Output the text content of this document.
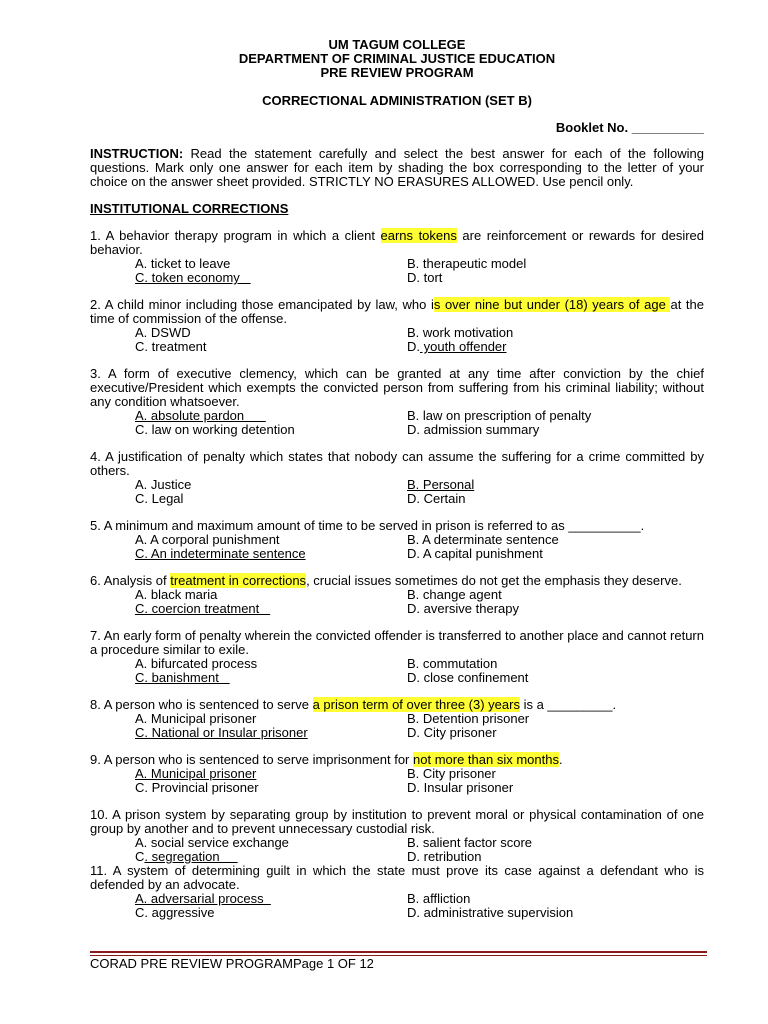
UM TAGUM COLLEGE
DEPARTMENT OF CRIMINAL JUSTICE EDUCATION
PRE REVIEW PROGRAM
CORRECTIONAL ADMINISTRATION (SET B)
Booklet No. __________
INSTRUCTION: Read the statement carefully and select the best answer for each of the following questions. Mark only one answer for each item by shading the box corresponding to the letter of your choice on the answer sheet provided. STRICTLY NO ERASURES ALLOWED. Use pencil only.
INSTITUTIONAL CORRECTIONS
1. A behavior therapy program in which a client earns tokens are reinforcement or rewards for desired behavior.
A. ticket to leave	B. therapeutic model
C. token economy	D. tort
2. A child minor including those emancipated by law, who is over nine but under (18) years of age at the time of commission of the offense.
A. DSWD	B. work motivation
C. treatment	D. youth offender
3. A form of executive clemency, which can be granted at any time after conviction by the chief executive/President which exempts the convicted person from suffering from his criminal liability; without any condition whatsoever.
A. absolute pardon	B. law on prescription of penalty
C. law on working detention	D. admission summary
4. A justification of penalty which states that nobody can assume the suffering for a crime committed by others.
A. Justice	B. Personal
C. Legal	D. Certain
5. A minimum and maximum amount of time to be served in prison is referred to as __________.
A. A corporal punishment	B. A determinate sentence
C. An indeterminate sentence	D. A capital punishment
6. Analysis of treatment in corrections, crucial issues sometimes do not get the emphasis they deserve.
A. black maria	B. change agent
C. coercion treatment	D. aversive therapy
7. An early form of penalty wherein the convicted offender is transferred to another place and cannot return a procedure similar to exile.
A. bifurcated process	B. commutation
C. banishment	D. close confinement
8. A person who is sentenced to serve a prison term of over three (3) years is a _________.
A. Municipal prisoner	B. Detention prisoner
C. National or Insular prisoner	D. City prisoner
9. A person who is sentenced to serve imprisonment for not more than six months.
A. Municipal prisoner	B. City prisoner
C. Provincial prisoner	D. Insular prisoner
10. A prison system by separating group by institution to prevent moral or physical contamination of one group by another and to prevent unnecessary custodial risk.
A. social service exchange	B. salient factor score
C. segregation	D. retribution
11. A system of determining guilt in which the state must prove its case against a defendant who is defended by an advocate.
A. adversarial process	B. affliction
C. aggressive	D. administrative supervision
CORAD PRE REVIEW PROGRAMPage 1 OF 12
